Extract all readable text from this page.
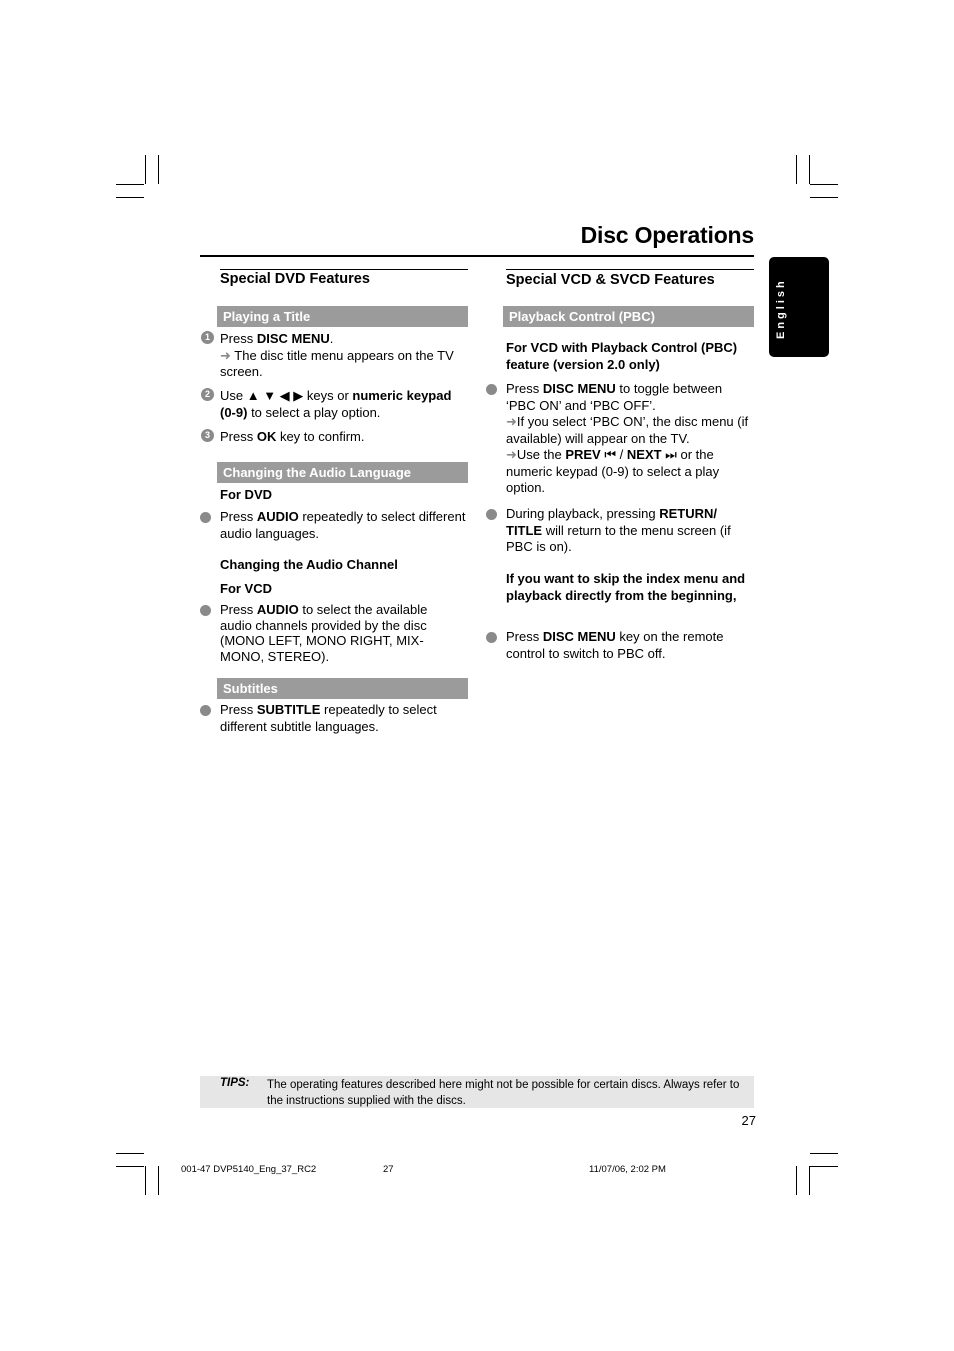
Disc Operations
English
Special DVD Features
Playing a Title
1 Press DISC MENU.
➜ The disc title menu appears on the TV screen.
2 Use ▲ ▼ ◀ ▶ keys or numeric keypad (0-9) to select a play option.
3 Press OK key to confirm.
Changing the Audio Language
For DVD
Press AUDIO repeatedly to select different audio languages.
Changing the Audio Channel
For VCD
Press AUDIO to select the available audio channels provided by the disc (MONO LEFT, MONO RIGHT, MIX-MONO, STEREO).
Subtitles
Press SUBTITLE repeatedly to select different subtitle languages.
Special VCD & SVCD Features
Playback Control (PBC)
For VCD with Playback Control (PBC) feature (version 2.0 only)
Press DISC MENU to toggle between ‘PBC ON’ and ‘PBC OFF’.
➜If you select ‘PBC ON’, the disc menu (if available) will appear on the TV.
➜Use the PREV ⏮ / NEXT ⏭ or the numeric keypad (0-9) to select a play option.
During playback, pressing RETURN/ TITLE will return to the menu screen (if PBC is on).
If you want to skip the index menu and playback directly from the beginning,
Press DISC MENU key on the remote control to switch to PBC off.
TIPS: The operating features described here might not be possible for certain discs. Always refer to the instructions supplied with the discs.
27
001-47 DVP5140_Eng_37_RC2	27	11/07/06, 2:02 PM
